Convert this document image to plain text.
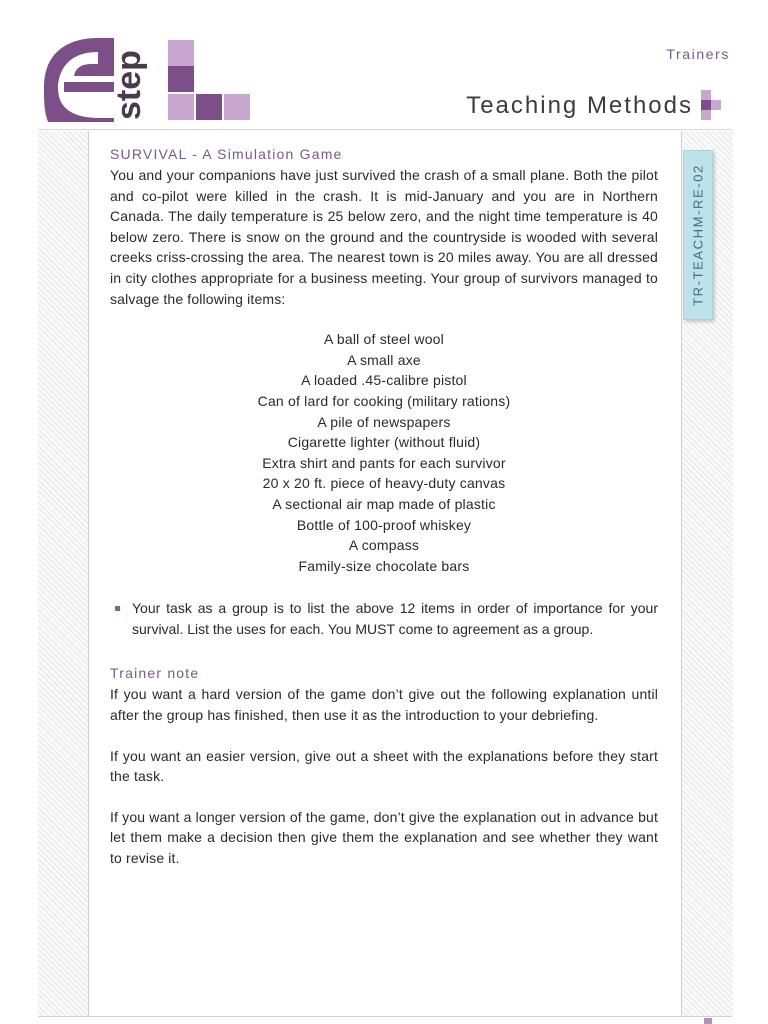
step	Trainers
Teaching Methods
TR-TEACHM-RE-02
SURVIVAL - A Simulation Game

You and your companions have just survived the crash of a small plane. Both the pilot and co-pilot were killed in the crash. It is mid-January and you are in Northern Canada. The daily temperature is 25 below zero, and the night time temperature is 40 below zero. There is snow on the ground and the countryside is wooded with several creeks criss-crossing the area. The nearest town is 20 miles away. You are all dressed in city clothes appropriate for a business meeting. Your group of survivors managed to salvage the following items:

A ball of steel wool
A small axe
A loaded .45-calibre pistol
Can of lard for cooking (military rations)
A pile of newspapers
Cigarette lighter (without fluid)
Extra shirt and pants for each survivor
20 x 20 ft. piece of heavy-duty canvas
A sectional air map made of plastic
Bottle of 100-proof whiskey
A compass
Family-size chocolate bars
Your task as a group is to list the above 12 items in order of importance for your survival. List the uses for each. You MUST come to agreement as a group.
Trainer note

If you want a hard version of the game don’t give out the following explanation until after the group has finished, then use it as the introduction to your debriefing.

If you want an easier version, give out a sheet with the explanations before they start the task.

If you want a longer version of the game, don’t give the explanation out in advance but let them make a decision then give them the explanation and see whether they want to revise it.
